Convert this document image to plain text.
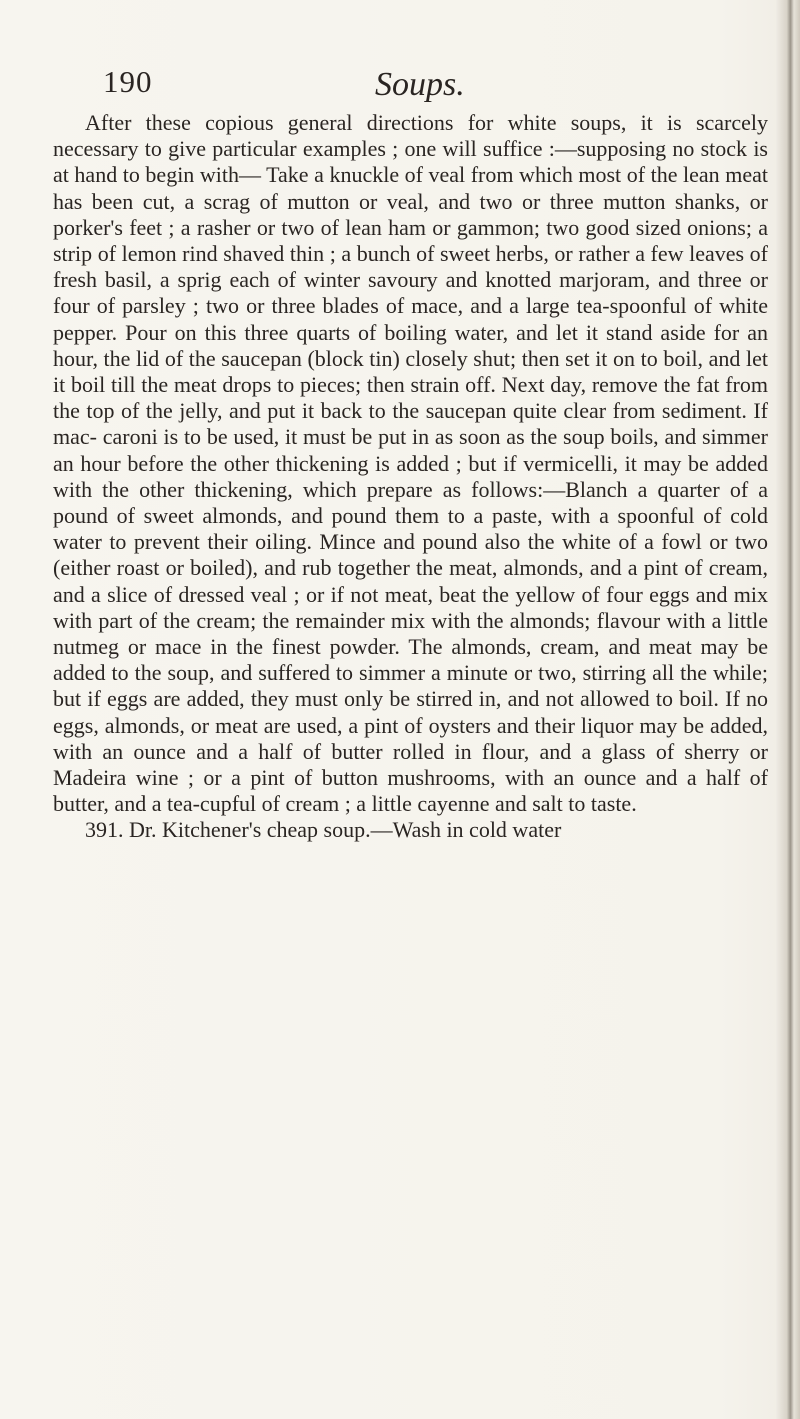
190	Soups.

After these copious general directions for white soups, it is scarcely necessary to give particular examples ; one will suffice :—supposing no stock is at hand to begin with— Take a knuckle of veal from which most of the lean meat has been cut, a scrag of mutton or veal, and two or three mutton shanks, or porker's feet ; a rasher or two of lean ham or gammon; two good sized onions; a strip of lemon rind shaved thin ; a bunch of sweet herbs, or rather a few leaves of fresh basil, a sprig each of winter savoury and knotted marjoram, and three or four of parsley ; two or three blades of mace, and a large tea-spoonful of white pepper. Pour on this three quarts of boiling water, and let it stand aside for an hour, the lid of the saucepan (block tin) closely shut; then set it on to boil, and let it boil till the meat drops to pieces; then strain off. Next day, remove the fat from the top of the jelly, and put it back to the saucepan quite clear from sediment. If mac- caroni is to be used, it must be put in as soon as the soup boils, and simmer an hour before the other thickening is added ; but if vermicelli, it may be added with the other thickening, which prepare as follows:—Blanch a quarter of a pound of sweet almonds, and pound them to a paste, with a spoonful of cold water to prevent their oiling. Mince and pound also the white of a fowl or two (either roast or boiled), and rub together the meat, almonds, and a pint of cream, and a slice of dressed veal ; or if not meat, beat the yellow of four eggs and mix with part of the cream; the remainder mix with the almonds; flavour with a little nutmeg or mace in the finest powder. The almonds, cream, and meat may be added to the soup, and suffered to simmer a minute or two, stirring all the while; but if eggs are added, they must only be stirred in, and not allowed to boil. If no eggs, almonds, or meat are used, a pint of oysters and their liquor may be added, with an ounce and a half of butter rolled in flour, and a glass of sherry or Madeira wine ; or a pint of button mushrooms, with an ounce and a half of butter, and a tea-cupful of cream ; a little cayenne and salt to taste.

391. Dr. Kitchener's cheap soup.—Wash in cold water
